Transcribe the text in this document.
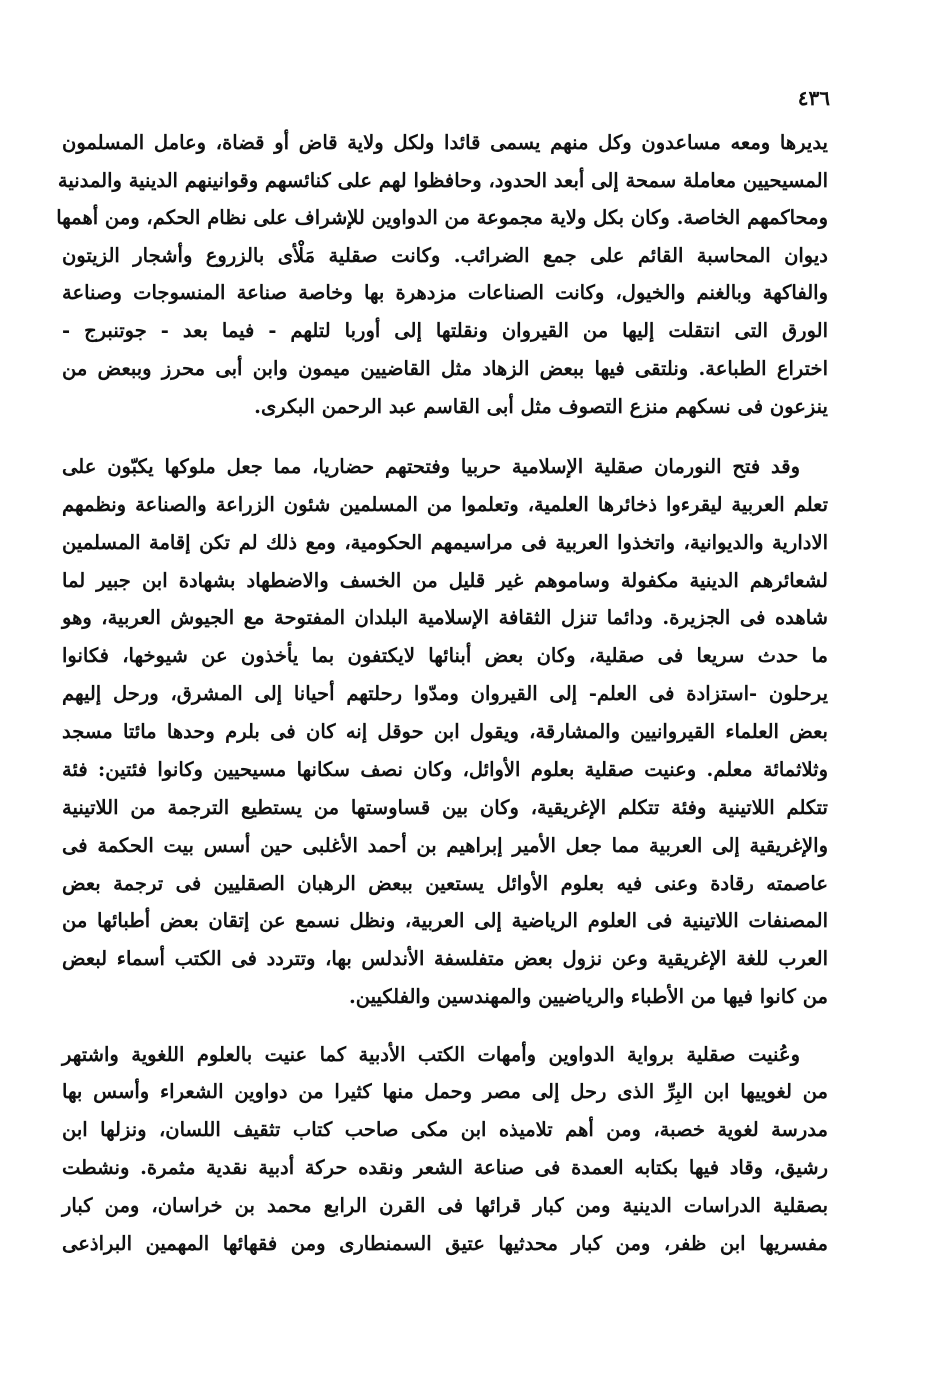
٤٣٦
يديرها ومعه مساعدون وكل منهم يسمى قائدا ولكل ولاية قاض أو قضاة، وعامل المسلمون
المسيحيين معاملة سمحة إلى أبعد الحدود، وحافظوا لهم على كنائسهم وقوانينهم الدينية والمدنية
ومحاكمهم الخاصة. وكان بكل ولاية مجموعة من الدواوين للإشراف على نظام الحكم، ومن أهمها
ديوان المحاسبة القائم على جمع الضرائب. وكانت صقلية مَلْأى بالزروع وأشجار الزيتون
والفاكهة وبالغنم والخيول، وكانت الصناعات مزدهرة بها وخاصة صناعة المنسوجات وصناعة
الورق التى انتقلت إليها من القيروان ونقلتها إلى أوربا لتلهم - فيما بعد - جوتنبرج -
اختراع الطباعة. ونلتقى فيها ببعض الزهاد مثل القاضيين ميمون وابن أبى محرز وببعض من
ينزعون فى نسكهم منزع التصوف مثل أبى القاسم عبد الرحمن البكرى.
وقد فتح النورمان صقلية الإسلامية حربيا وفتحتهم حضاريا، مما جعل ملوكها يكبّون على
تعلم العربية ليقرءوا ذخائرها العلمية، وتعلموا من المسلمين شئون الزراعة والصناعة ونظمهم
الادارية والديوانية، واتخذوا العربية فى مراسيمهم الحكومية، ومع ذلك لم تكن إقامة المسلمين
لشعائرهم الدينية مكفولة وساموهم غير قليل من الخسف والاضطهاد بشهادة ابن جبير لما
شاهده فى الجزيرة. ودائما تنزل الثقافة الإسلامية البلدان المفتوحة مع الجيوش العربية، وهو
ما حدث سريعا فى صقلية، وكان بعض أبنائها لايكتفون بما يأخذون عن شيوخها، فكانوا
يرحلون -استزادة فى العلم- إلى القيروان ومدّوا رحلتهم أحيانا إلى المشرق، ورحل إليهم
بعض العلماء القيروانيين والمشارقة، ويقول ابن حوقل إنه كان فى بلرم وحدها مائتا مسجد
وثلاثمائة معلم. وعنيت صقلية بعلوم الأوائل، وكان نصف سكانها مسيحيين وكانوا فئتين: فئة
تتكلم اللاتينية وفئة تتكلم الإغريقية، وكان بين قساوستها من يستطيع الترجمة من اللاتينية
والإغريقية إلى العربية مما جعل الأمير إبراهيم بن أحمد الأغلبى حين أسس بيت الحكمة فى
عاصمته رقادة وعنى فيه بعلوم الأوائل يستعين ببعض الرهبان الصقليين فى ترجمة بعض
المصنفات اللاتينية فى العلوم الرياضية إلى العربية، ونظل نسمع عن إتقان بعض أطبائها من
العرب للغة الإغريقية وعن نزول بعض متفلسفة الأندلس بها، وتتردد فى الكتب أسماء لبعض
من كانوا فيها من الأطباء والرياضيين والمهندسين والفلكيين.
وعُنيت صقلية برواية الدواوين وأمهات الكتب الأدبية كما عنيت بالعلوم اللغوية واشتهر
من لغوييها ابن البِرِّ الذى رحل إلى مصر وحمل منها كثيرا من دواوين الشعراء وأسس بها
مدرسة لغوية خصبة، ومن أهم تلاميذه ابن مكى صاحب كتاب تثقيف اللسان، ونزلها ابن
رشيق، وقاد فيها بكتابه العمدة فى صناعة الشعر ونقده حركة أدبية نقدية مثمرة. ونشطت
بصقلية الدراسات الدينية ومن كبار قرائها فى القرن الرابع محمد بن خراسان، ومن كبار
مفسريها ابن ظفر، ومن كبار محدثيها عتيق السمنطارى ومن فقهائها المهمين البراذعى
